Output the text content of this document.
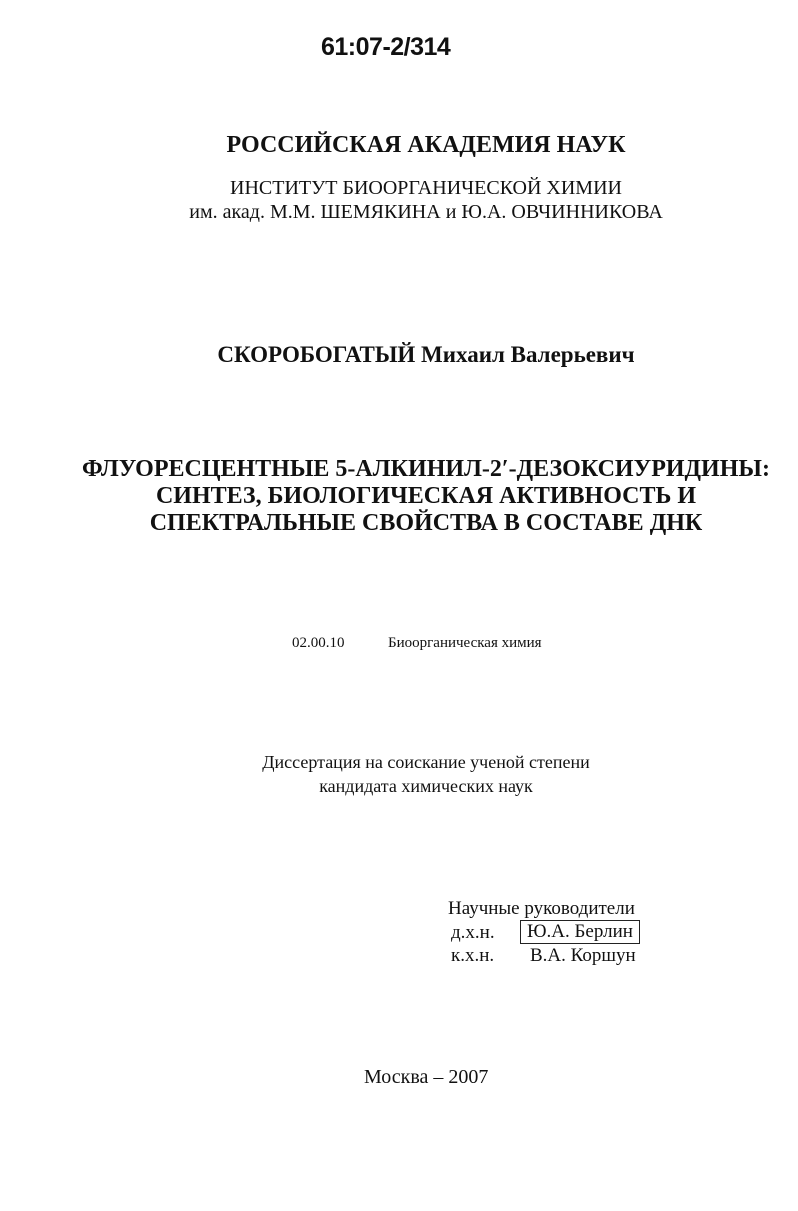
61:07-2/314
РОССИЙСКАЯ АКАДЕМИЯ НАУК
ИНСТИТУТ БИООРГАНИЧЕСКОЙ ХИМИИ
им. акад. М.М. ШЕМЯКИНА и Ю.А. ОВЧИННИКОВА
СКОРОБОГАТЫЙ Михаил Валерьевич
ФЛУОРЕСЦЕНТНЫЕ 5-АЛКИНИЛ-2′-ДЕЗОКСИУРИДИНЫ:
СИНТЕЗ, БИОЛОГИЧЕСКАЯ АКТИВНОСТЬ И
СПЕКТРАЛЬНЫЕ СВОЙСТВА В СОСТАВЕ ДНК
02.00.10	Биоорганическая химия
Диссертация на соискание ученой степени
кандидата химических наук
Научные руководители
д.х.н.	Ю.А. Берлин
к.х.н. В.А. Коршун
Москва – 2007
